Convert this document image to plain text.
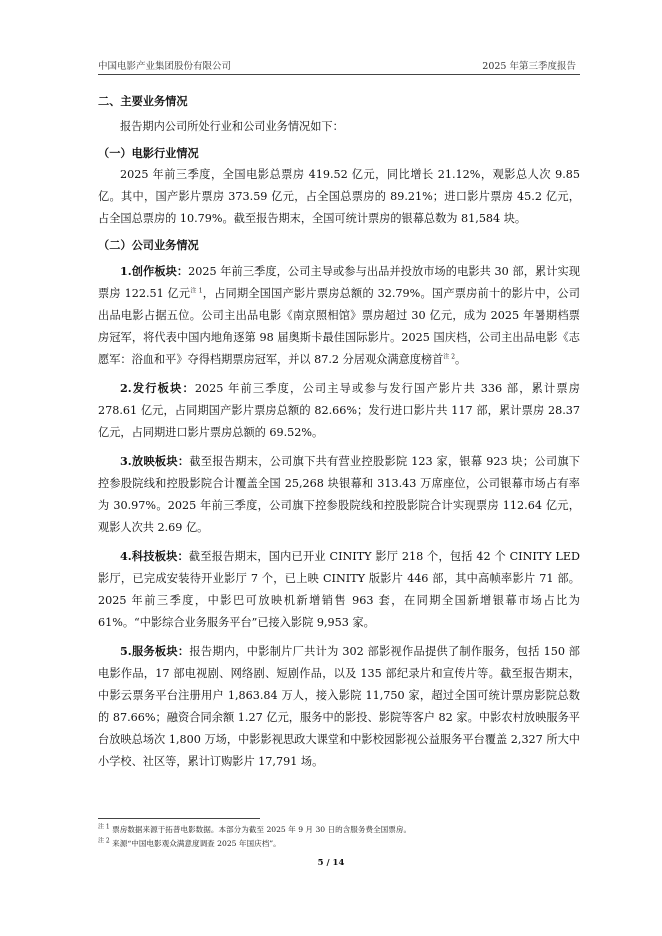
中国电影产业集团股份有限公司	2025 年第三季度报告

二、主要业务情况

报告期内公司所处行业和公司业务情况如下：

（一）电影行业情况

2025 年前三季度，全国电影总票房 419.52 亿元，同比增长 21.12%，观影总人次 9.85 亿。其中，国产影片票房 373.59 亿元，占全国总票房的 89.21%；进口影片票房 45.2 亿元，占全国总票房的 10.79%。截至报告期末，全国可统计票房的银幕总数为 81,584 块。

（二）公司业务情况

1.创作板块：2025 年前三季度，公司主导或参与出品并投放市场的电影共 30 部，累计实现票房 122.51 亿元$^{注 1}$，占同期全国国产影片票房总额的 32.79%。国产票房前十的影片中，公司出品电影占据五位。公司主出品电影《南京照相馆》票房超过 30 亿元，成为 2025 年暑期档票房冠军，将代表中国内地角逐第 98 届奥斯卡最佳国际影片。2025 国庆档，公司主出品电影《志愿军：浴血和平》夺得档期票房冠军，并以 87.2 分居观众满意度榜首$^{注 2}$。

2.发行板块：2025 年前三季度，公司主导或参与发行国产影片共 336 部，累计票房 278.61 亿元，占同期国产影片票房总额的 82.66%；发行进口影片共 117 部，累计票房 28.37 亿元，占同期进口影片票房总额的 69.52%。

3.放映板块：截至报告期末，公司旗下共有营业控股影院 123 家，银幕 923 块；公司旗下控参股院线和控股影院合计覆盖全国 25,268 块银幕和 313.43 万席座位，公司银幕市场占有率为 30.97%。2025 年前三季度，公司旗下控参股院线和控股影院合计实现票房 112.64 亿元，观影人次共 2.69 亿。

4.科技板块：截至报告期末，国内已开业 CINITY 影厅 218 个，包括 42 个 CINITY LED 影厅，已完成安装待开业影厅 7 个，已上映 CINITY 版影片 446 部，其中高帧率影片 71 部。2025 年前三季度，中影巴可放映机新增销售 963 套，在同期全国新增银幕市场占比为 61%。“中影综合业务服务平台”已接入影院 9,953 家。

5.服务板块：报告期内，中影制片厂共计为 302 部影视作品提供了制作服务，包括 150 部电影作品，17 部电视剧、网络剧、短剧作品，以及 135 部纪录片和宣传片等。截至报告期末，中影云票务平台注册用户 1,863.84 万人，接入影院 11,750 家，超过全国可统计票房影院总数的 87.66%；融资合同余额 1.27 亿元，服务中的影投、影院等客户 82 家。中影农村放映服务平台放映总场次 1,800 万场，中影影视思政大课堂和中影校园影视公益服务平台覆盖 2,327 所大中小学校、社区等，累计订购影片 17,791 场。

$^{注 1}$ 票房数据来源于拓普电影数据。本部分为截至 2025 年 9 月 30 日的含服务费全国票房。
$^{注 2}$ 来源“中国电影观众满意度调查 2025 年国庆档”。
5 / 14
